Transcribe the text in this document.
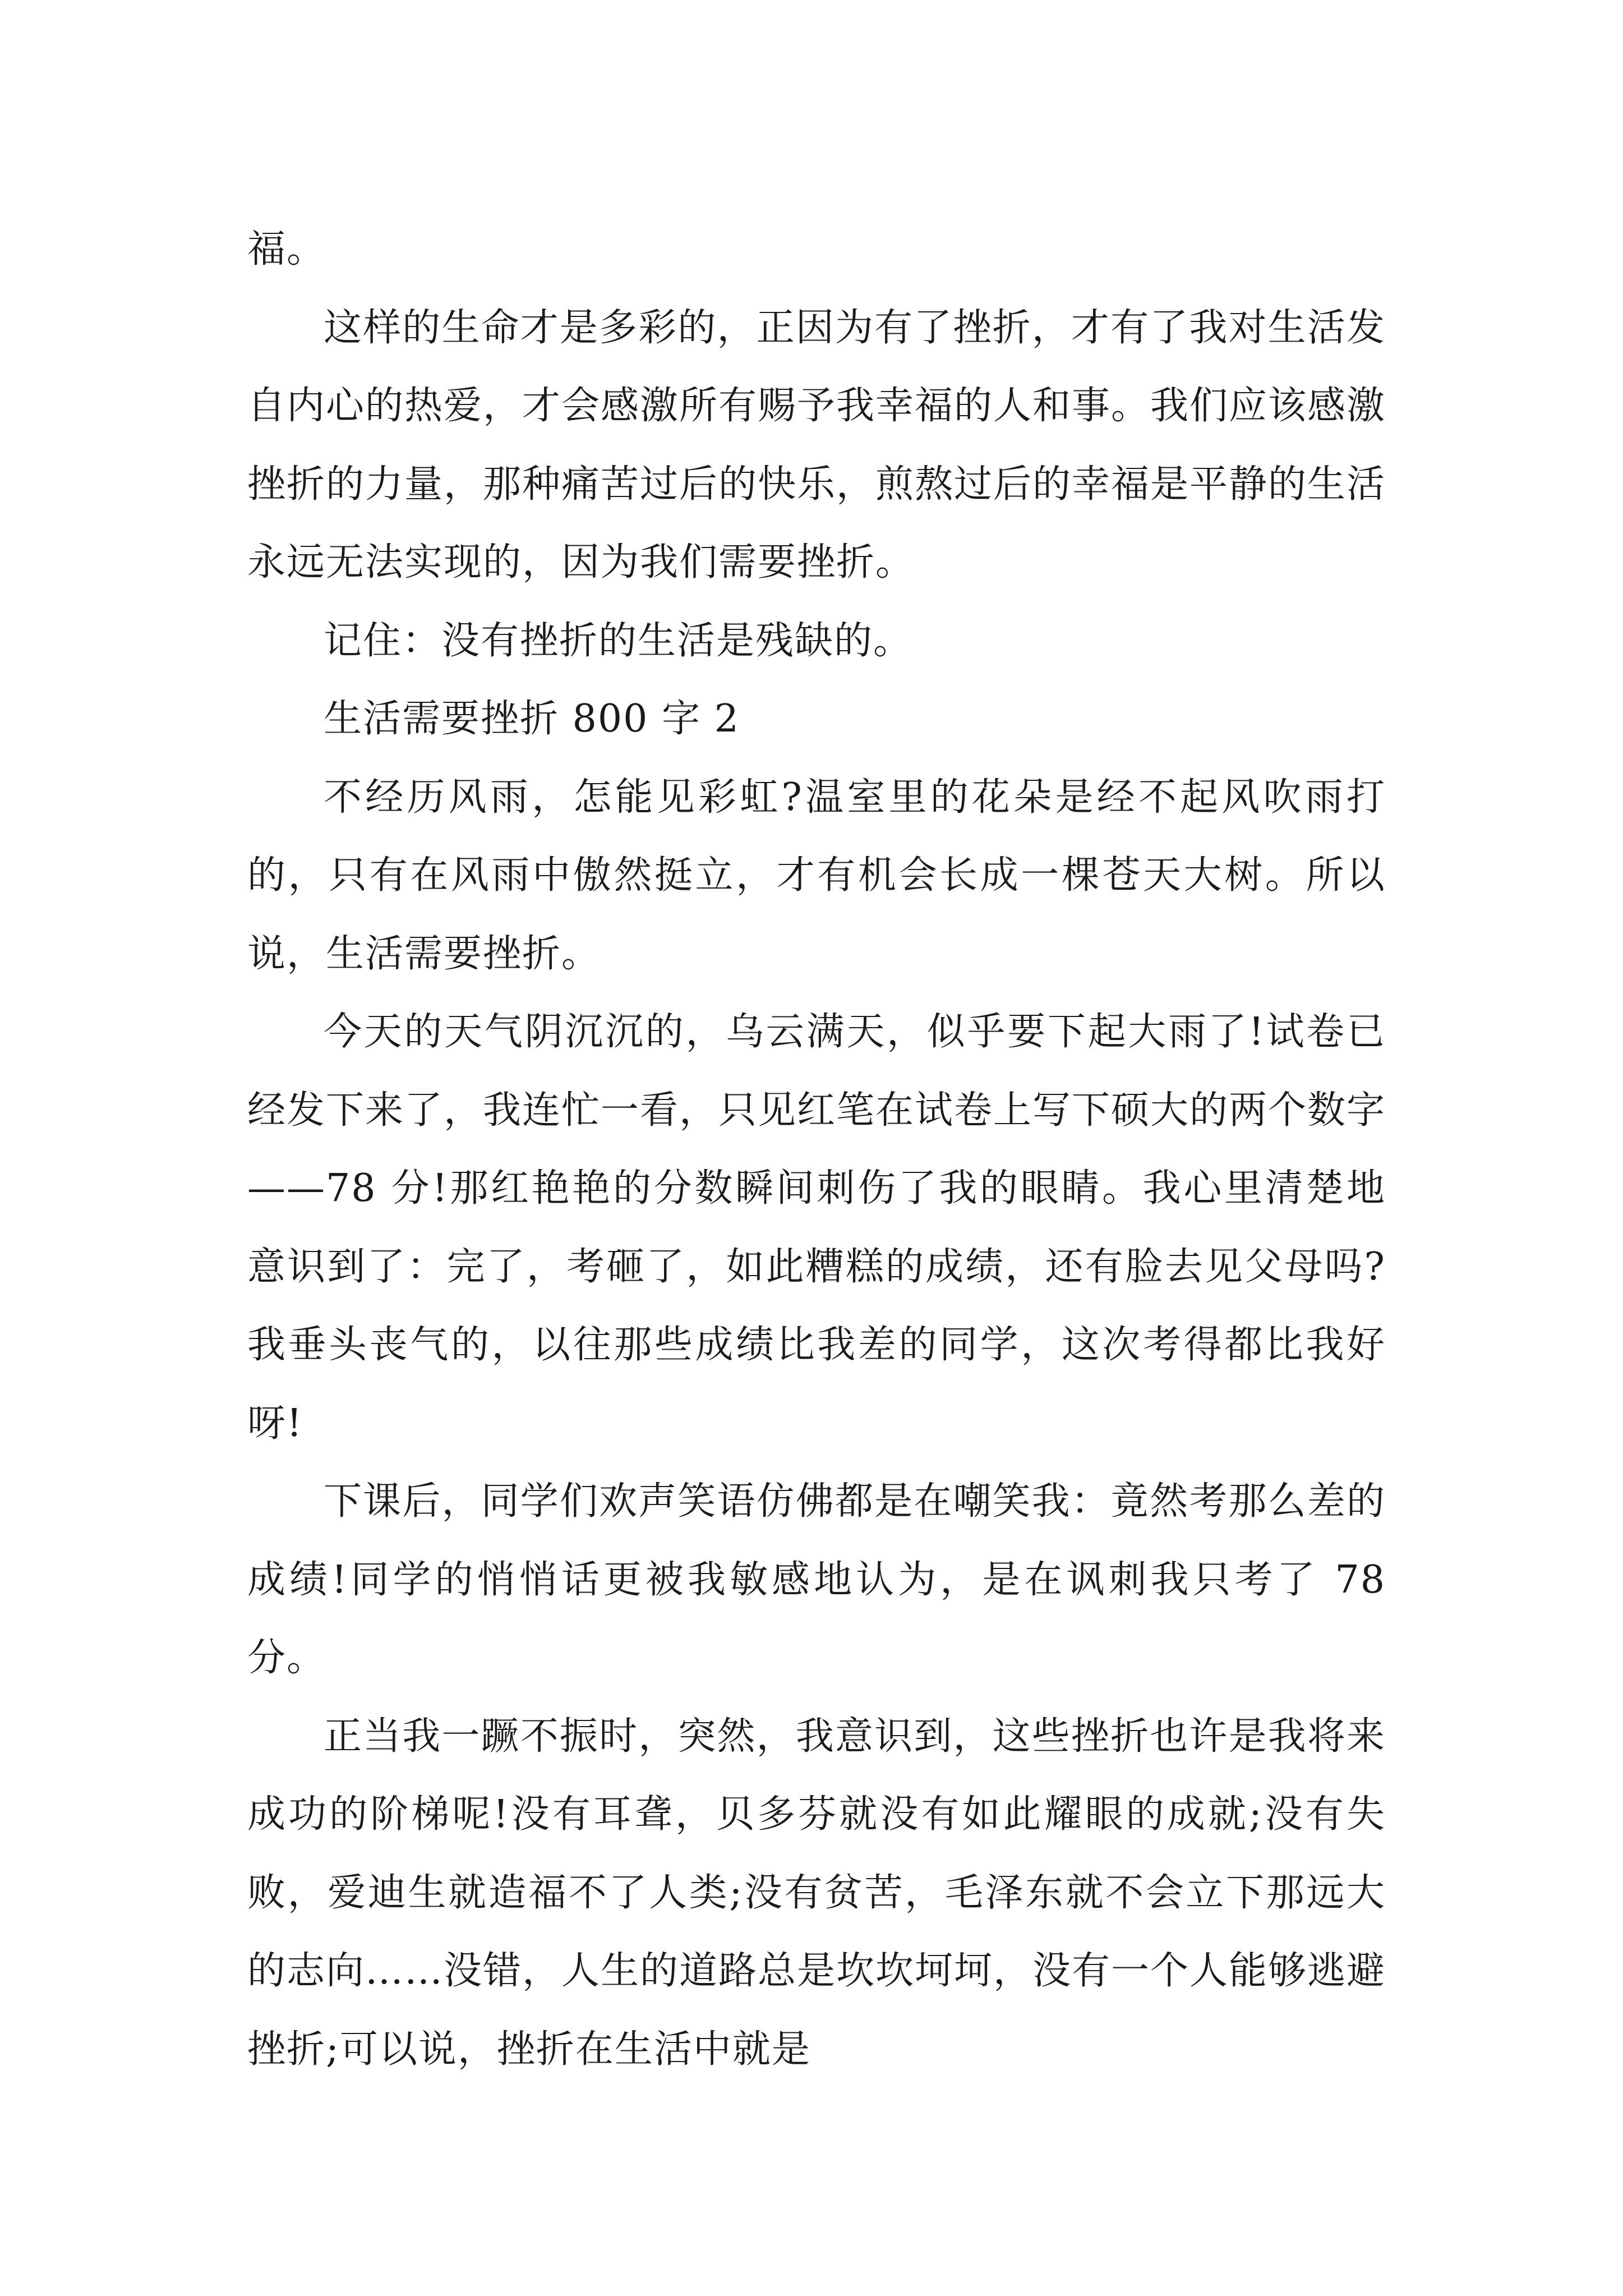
福。

这样的生命才是多彩的，正因为有了挫折，才有了我对生活发自内心的热爱，才会感激所有赐予我幸福的人和事。我们应该感激挫折的力量，那种痛苦过后的快乐，煎熬过后的幸福是平静的生活永远无法实现的，因为我们需要挫折。

记住：没有挫折的生活是残缺的。

生活需要挫折 800 字 2

不经历风雨，怎能见彩虹?温室里的花朵是经不起风吹雨打的，只有在风雨中傲然挺立，才有机会长成一棵苍天大树。所以说，生活需要挫折。

今天的天气阴沉沉的，乌云满天，似乎要下起大雨了!试卷已经发下来了，我连忙一看，只见红笔在试卷上写下硕大的两个数字——78 分!那红艳艳的分数瞬间刺伤了我的眼睛。我心里清楚地意识到了：完了，考砸了，如此糟糕的成绩，还有脸去见父母吗?我垂头丧气的，以往那些成绩比我差的同学，这次考得都比我好呀!

下课后，同学们欢声笑语仿佛都是在嘲笑我：竟然考那么差的成绩!同学的悄悄话更被我敏感地认为，是在讽刺我只考了 78 分。

正当我一蹶不振时，突然，我意识到，这些挫折也许是我将来成功的阶梯呢!没有耳聋，贝多芬就没有如此耀眼的成就;没有失败，爱迪生就造福不了人类;没有贫苦，毛泽东就不会立下那远大的志向……没错，人生的道路总是坎坎坷坷，没有一个人能够逃避挫折;可以说，挫折在生活中就是
